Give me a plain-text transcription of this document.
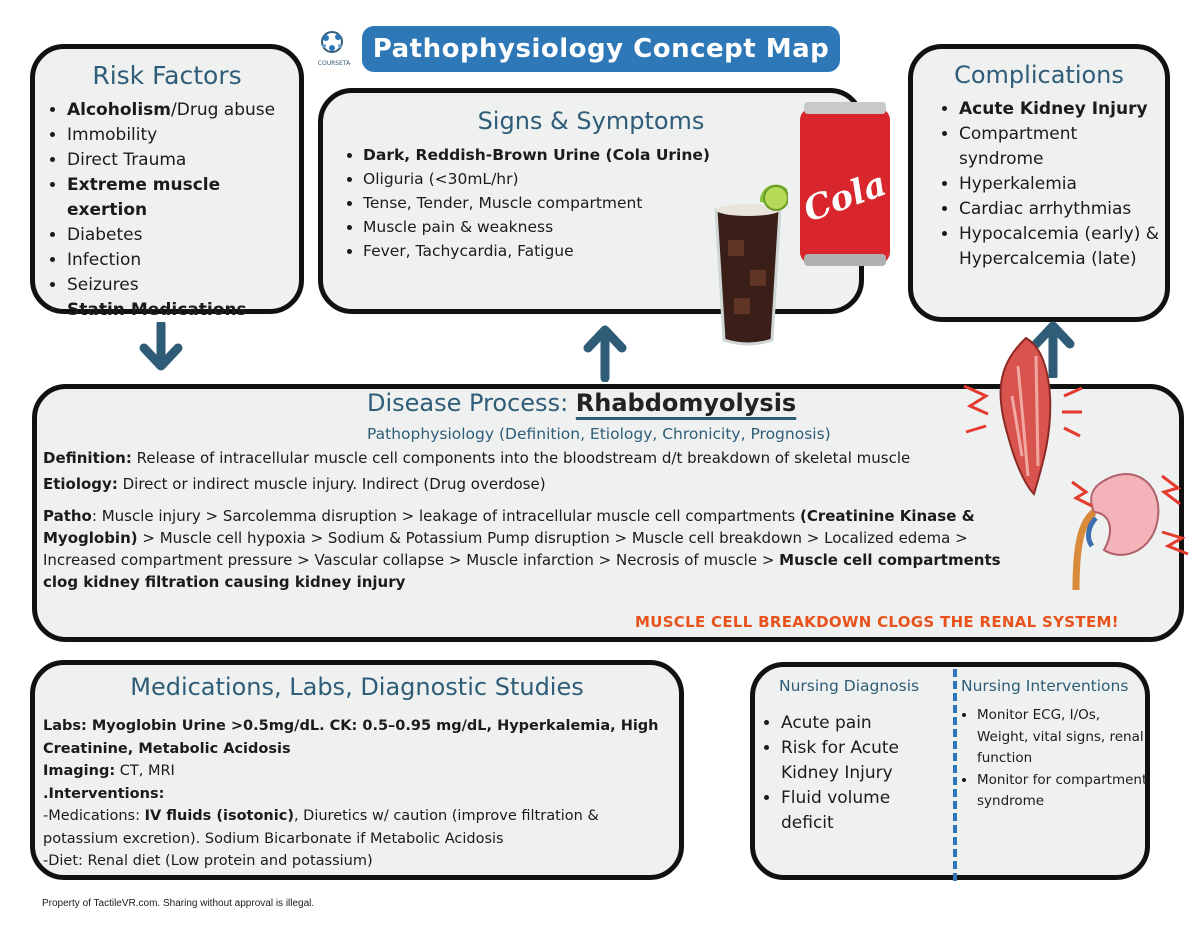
COURSETA Pathophysiology Concept Map
Risk Factors
• Alcoholism/Drug abuse
• Immobility
• Direct Trauma
• Extreme muscle exertion
• Diabetes
• Infection
• Seizures
• Statin Medications
Signs & Symptoms
• Dark, Reddish-Brown Urine (Cola Urine)
• Oliguria (<30mL/hr)
• Tense, Tender, Muscle compartment
• Muscle pain & weakness
• Fever, Tachycardia, Fatigue
Cola
Complications
• Acute Kidney Injury
• Compartment syndrome
• Hyperkalemia
• Cardiac arrhythmias
• Hypocalcemia (early) & Hypercalcemia (late)
Disease Process: Rhabdomyolysis
Pathophysiology (Definition, Etiology, Chronicity, Prognosis)

Definition: Release of intracellular muscle cell components into the bloodstream d/t breakdown of skeletal muscle

Etiology: Direct or indirect muscle injury. Indirect (Drug overdose)

Patho: Muscle injury > Sarcolemma disruption > leakage of intracellular muscle cell compartments (Creatinine Kinase & Myoglobin) > Muscle cell hypoxia > Sodium & Potassium Pump disruption > Muscle cell breakdown > Localized edema > Increased compartment pressure > Vascular collapse > Muscle infarction > Necrosis of muscle > Muscle cell compartments clog kidney filtration causing kidney injury

MUSCLE CELL BREAKDOWN CLOGS THE RENAL SYSTEM!
Medications, Labs, Diagnostic Studies

Labs: Myoglobin Urine >0.5mg/dL. CK: 0.5–0.95 mg/dL, Hyperkalemia, High Creatinine, Metabolic Acidosis

Imaging: CT, MRI

.Interventions:

-Medications: IV fluids (isotonic), Diuretics w/ caution (improve filtration & potassium excretion). Sodium Bicarbonate if Metabolic Acidosis

-Diet: Renal diet (Low protein and potassium)

Nursing Diagnosis	Nursing Interventions
• Acute pain
• Risk for Acute Kidney Injury
• Fluid volume deficit
• Monitor ECG, I/Os, Weight, vital signs, renal function
• Monitor for compartment syndrome
Property of TactileVR.com. Sharing without approval is illegal.
